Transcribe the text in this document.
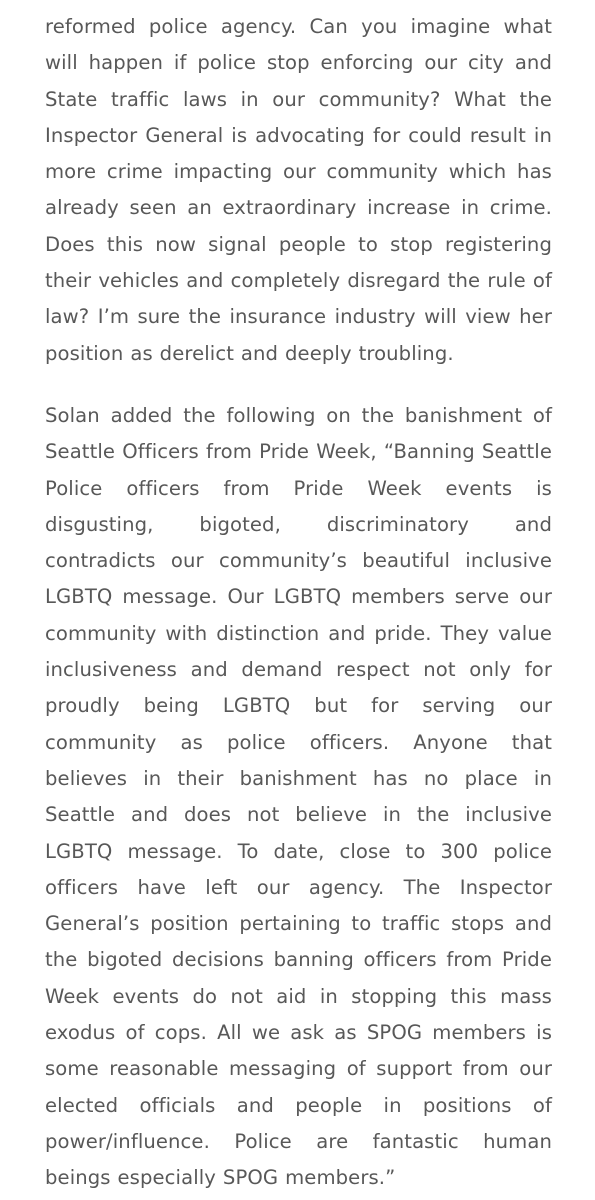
reformed police agency. Can you imagine what will happen if police stop enforcing our city and State traffic laws in our community? What the Inspector General is advocating for could result in more crime impacting our community which has already seen an extraordinary increase in crime. Does this now signal people to stop registering their vehicles and completely disregard the rule of law? I’m sure the insurance industry will view her position as derelict and deeply troubling.

Solan added the following on the banishment of Seattle Officers from Pride Week, “Banning Seattle Police officers from Pride Week events is disgusting, bigoted, discriminatory and contradicts our community’s beautiful inclusive LGBTQ message. Our LGBTQ members serve our community with distinction and pride. They value inclusiveness and demand respect not only for proudly being LGBTQ but for serving our community as police officers. Anyone that believes in their banishment has no place in Seattle and does not believe in the inclusive LGBTQ message. To date, close to 300 police officers have left our agency. The Inspector General’s position pertaining to traffic stops and the bigoted decisions banning officers from Pride Week events do not aid in stopping this mass exodus of cops. All we ask as SPOG members is some reasonable messaging of support from our elected officials and people in positions of power/influence. Police are fantastic human beings especially SPOG members.”
